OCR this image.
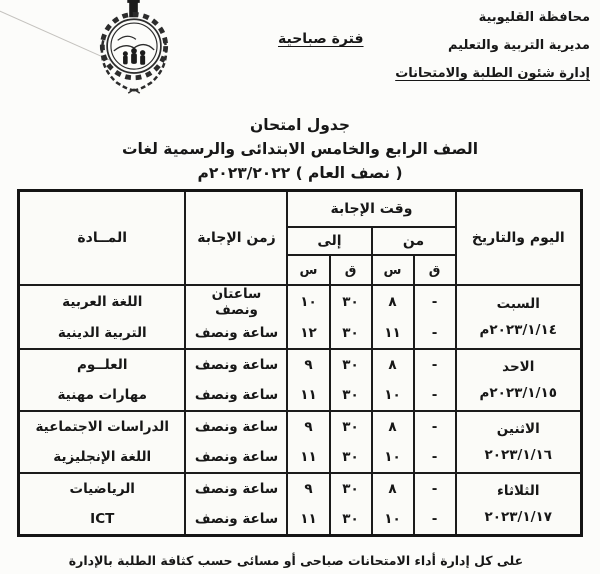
محافظة القليوبية
مديرية التربية والتعليم
إدارة شئون الطلبة والامتحانات
فترة صباحية
جدول امتحان
الصف الرابع والخامس الابتدائى والرسمية لغات
( نصف العام ) ٢٠٢٣/٢٠٢٢م
اليوم والتاريخ	وقت الإجابة				زمن الإجابة	المــادة
	من		إلى			
	ق	س	ق	س		

السبت
٢٠٢٣/١/١٤م	-	٨	٣٠	١٠	ساعتان ونصف	اللغة العربية
	-	١١	٣٠	١٢	ساعة ونصف	التربية الدينية

الاحد
٢٠٢٣/١/١٥م	-	٨	٣٠	٩	ساعة ونصف	العلــوم
	-	١٠	٣٠	١١	ساعة ونصف	مهارات مهنية

الاثنين
٢٠٢٣/١/١٦	-	٨	٣٠	٩	ساعة ونصف	الدراسات الاجتماعية
	-	١٠	٣٠	١١	ساعة ونصف	اللغة الإنجليزية

الثلاثاء
٢٠٢٣/١/١٧	-	٨	٣٠	٩	ساعة ونصف	الرياضيات
	-	١٠	٣٠	١١	ساعة ونصف	ICT
على كل إدارة أداء الامتحانات صباحى أو مسائى حسب كثافة الطلبة بالإدارة
